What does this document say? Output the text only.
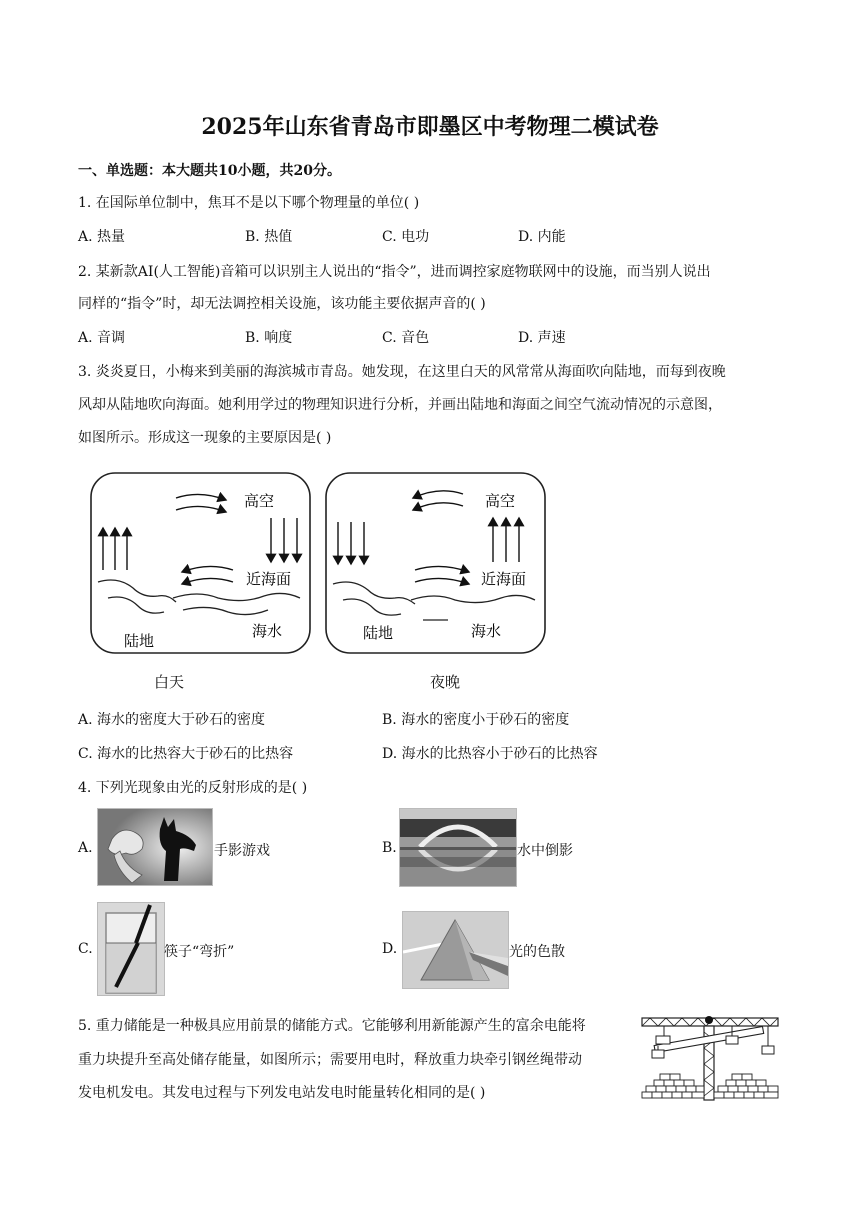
2025年山东省青岛市即墨区中考物理二模试卷
一、单选题：本大题共10小题，共20分。
1. 在国际单位制中，焦耳不是以下哪个物理量的单位( )
A. 热量	B. 热值	C. 电功	D. 内能
2. 某新款AI(人工智能)音箱可以识别主人说出的“指令”，进而调控家庭物联网中的设施，而当别人说出
同样的“指令”时，却无法调控相关设施，该功能主要依据声音的( )
A. 音调	B. 响度	C. 音色	D. 声速
3. 炎炎夏日，小梅来到美丽的海滨城市青岛。她发现，在这里白天的风常常从海面吹向陆地，而每到夜晚
风却从陆地吹向海面。她利用学过的物理知识进行分析，并画出陆地和海面之间空气流动情况的示意图，
如图所示。形成这一现象的主要原因是( )
高空
近海面
陆地
海水
白天
高空
近海面
陆地	海水
夜晚
A. 海水的密度大于砂石的密度	B. 海水的密度小于砂石的密度
C. 海水的比热容大于砂石的比热容	D. 海水的比热容小于砂石的比热容
4. 下列光现象由光的反射形成的是( )
A.	手影游戏	B.	水中倒影
C.	筷子“弯折”	D.	光的色散
5. 重力储能是一种极具应用前景的储能方式。它能够利用新能源产生的富余电能将
重力块提升至高处储存能量，如图所示；需要用电时，释放重力块牵引钢丝绳带动
发电机发电。其发电过程与下列发电站发电时能量转化相同的是( )
